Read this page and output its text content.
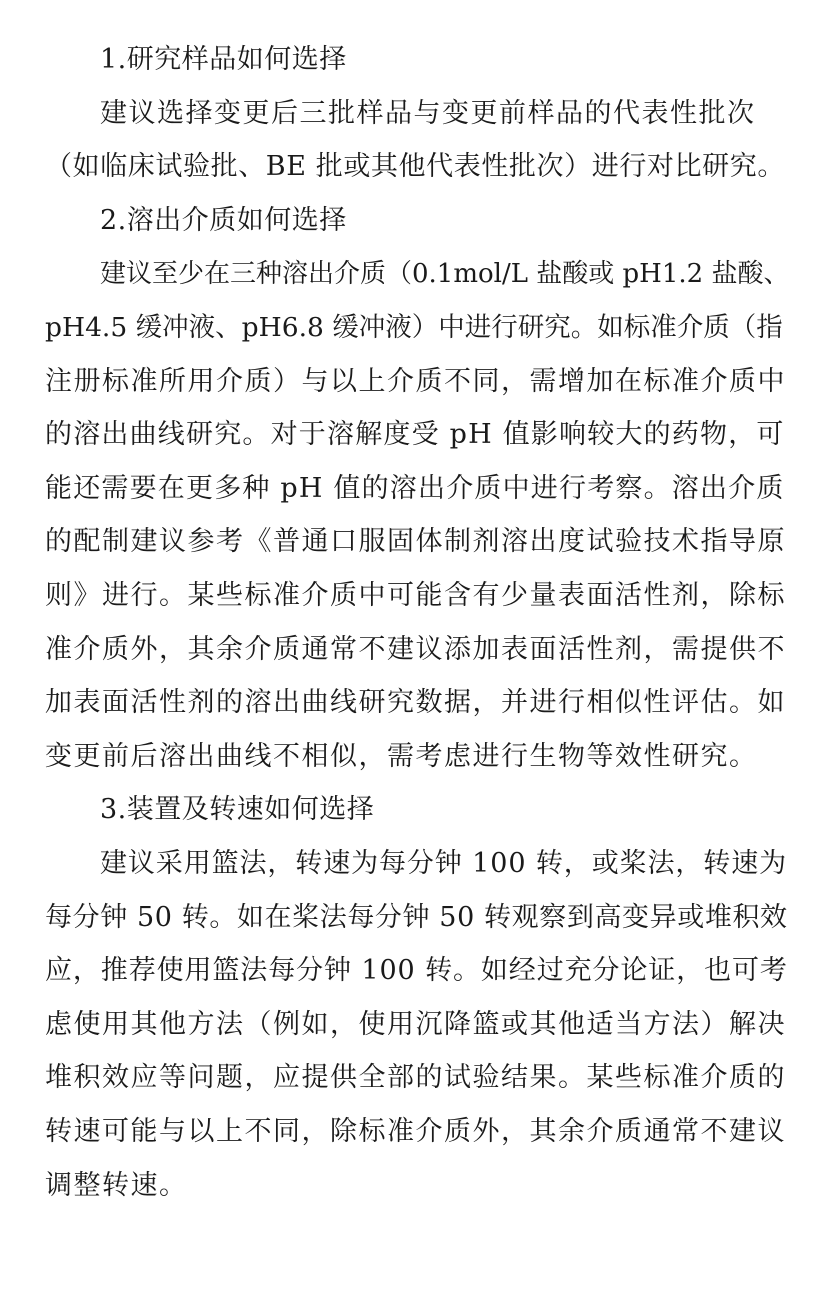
1.研究样品如何选择
建议选择变更后三批样品与变更前样品的代表性批次
（如临床试验批、BE 批或其他代表性批次）进行对比研究。
2.溶出介质如何选择
建议至少在三种溶出介质（0.1mol/L 盐酸或 pH1.2 盐酸、
pH4.5 缓冲液、pH6.8 缓冲液）中进行研究。如标准介质（指
注册标准所用介质）与以上介质不同，需增加在标准介质中
的溶出曲线研究。对于溶解度受 pH 值影响较大的药物，可
能还需要在更多种 pH 值的溶出介质中进行考察。溶出介质
的配制建议参考《普通口服固体制剂溶出度试验技术指导原
则》进行。某些标准介质中可能含有少量表面活性剂，除标
准介质外，其余介质通常不建议添加表面活性剂，需提供不
加表面活性剂的溶出曲线研究数据，并进行相似性评估。如
变更前后溶出曲线不相似，需考虑进行生物等效性研究。
3.装置及转速如何选择
建议采用篮法，转速为每分钟 100 转，或桨法，转速为
每分钟 50 转。如在桨法每分钟 50 转观察到高变异或堆积效
应，推荐使用篮法每分钟 100 转。如经过充分论证，也可考
虑使用其他方法（例如，使用沉降篮或其他适当方法）解决
堆积效应等问题，应提供全部的试验结果。某些标准介质的
转速可能与以上不同，除标准介质外，其余介质通常不建议
调整转速。
